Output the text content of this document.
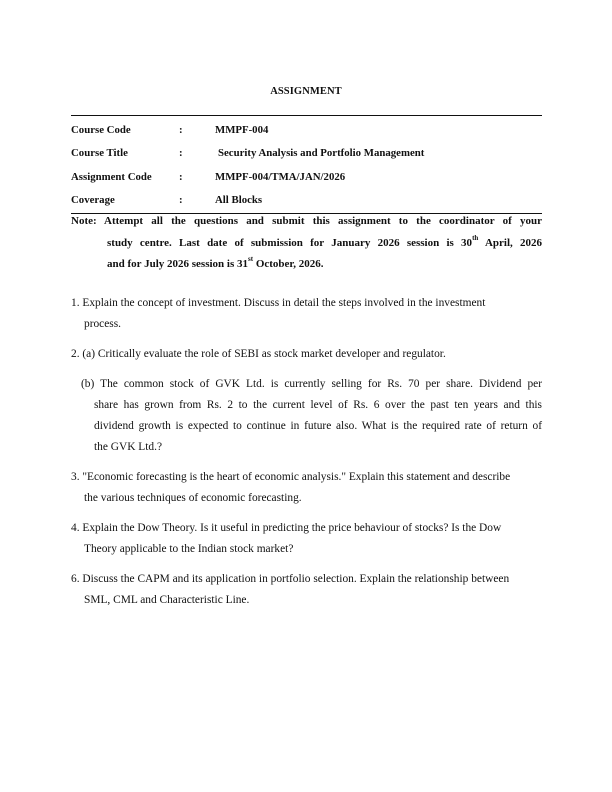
ASSIGNMENT
Course Code	:	MMPF-004
Course Title	:	Security Analysis and Portfolio Management
Assignment Code	:	MMPF-004/TMA/JAN/2026
Coverage	:	All Blocks
Note: Attempt all the questions and submit this assignment to the coordinator of your
study centre. Last date of submission for January 2026 session is 30th April, 2026
and for July 2026 session is 31st October, 2026.
1. Explain the concept of investment. Discuss in detail the steps involved in the investment
process.
2. (a) Critically evaluate the role of SEBI as stock market developer and regulator.
(b) The common stock of GVK Ltd. is currently selling for Rs. 70 per share. Dividend per
share has grown from Rs. 2 to the current level of Rs. 6 over the past ten years and this
dividend growth is expected to continue in future also. What is the required rate of return of
the GVK Ltd.?
3. "Economic forecasting is the heart of economic analysis." Explain this statement and describe
the various techniques of economic forecasting.
4. Explain the Dow Theory. Is it useful in predicting the price behaviour of stocks? Is the Dow
Theory applicable to the Indian stock market?
6. Discuss the CAPM and its application in portfolio selection. Explain the relationship between
SML, CML and Characteristic Line.
